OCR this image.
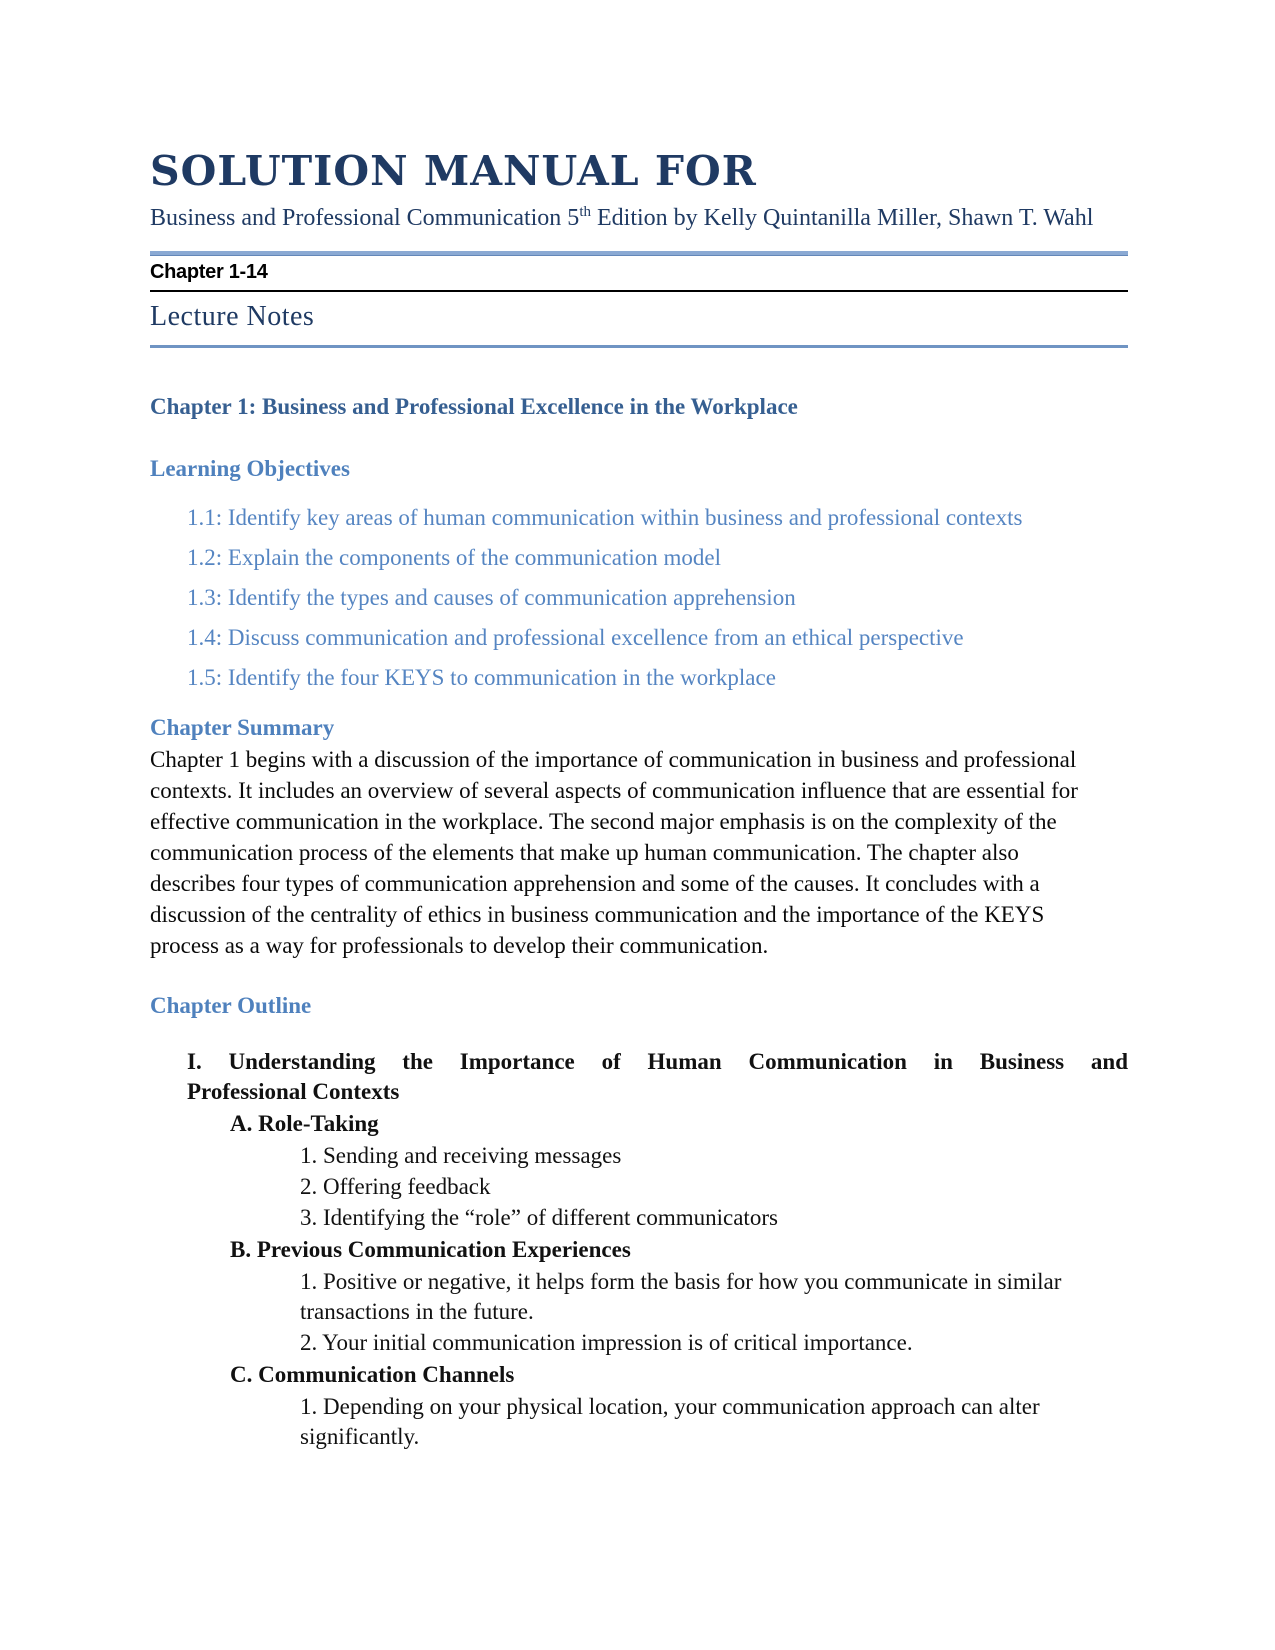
SOLUTION MANUAL FOR
Business and Professional Communication 5th Edition by Kelly Quintanilla Miller, Shawn T. Wahl
Chapter 1-14
Lecture Notes
Chapter 1: Business and Professional Excellence in the Workplace
Learning Objectives
1.1: Identify key areas of human communication within business and professional contexts
1.2: Explain the components of the communication model
1.3: Identify the types and causes of communication apprehension
1.4: Discuss communication and professional excellence from an ethical perspective
1.5: Identify the four KEYS to communication in the workplace
Chapter Summary
Chapter 1 begins with a discussion of the importance of communication in business and professional contexts. It includes an overview of several aspects of communication influence that are essential for effective communication in the workplace. The second major emphasis is on the complexity of the communication process of the elements that make up human communication. The chapter also describes four types of communication apprehension and some of the causes. It concludes with a discussion of the centrality of ethics in business communication and the importance of the KEYS process as a way for professionals to develop their communication.
Chapter Outline
I. Understanding the Importance of Human Communication in Business and
Professional Contexts
A. Role-Taking
1. Sending and receiving messages
2. Offering feedback
3. Identifying the “role” of different communicators
B. Previous Communication Experiences
1. Positive or negative, it helps form the basis for how you communicate in similar transactions in the future.
2. Your initial communication impression is of critical importance.
C. Communication Channels
1. Depending on your physical location, your communication approach can alter significantly.
